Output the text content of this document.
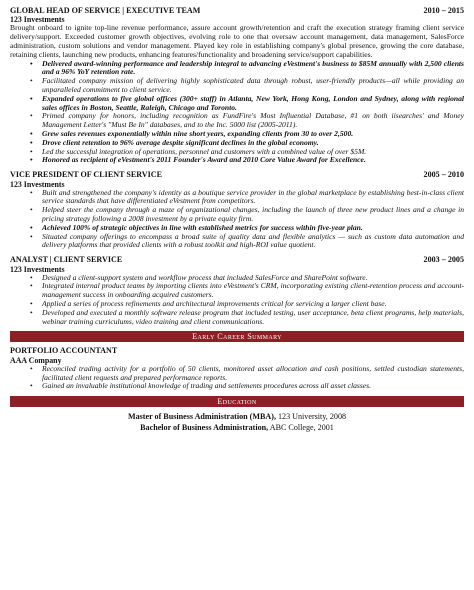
GLOBAL HEAD OF SERVICE | EXECUTIVE TEAM	2010 – 2015
123 Investments
Brought onboard to ignite top-line revenue performance, assure account growth/retention and craft the execution strategy framing client service delivery/support. Exceeded customer growth objectives, evolving role to one that oversaw account management, data management, SalesForce administration, custom solutions and vendor management. Played key role in establishing company's global presence, growing the core database, retaining clients, launching new products, enhancing features/functionality and broadening service/support capabilities.
• Delivered award-winning performance and leadership integral to advancing eVestment's business to $85M annually with 2,500 clients and a 96% YoY retention rate.
• Facilitated company mission of delivering highly sophisticated data through robust, user-friendly products—all while providing an unparalleled commitment to client service.
• Expanded operations to five global offices (300+ staff) in Atlanta, New York, Hong Kong, London and Sydney, along with regional sales offices in Boston, Seattle, Raleigh, Chicago and Toronto.
• Primed company for honors, including recognition as FundFire's Most Influential Database, #1 on both iisearches' and Money Management Letter's "Must Be In" databases, and to the Inc. 5000 list (2005-2011).
• Grew sales revenues exponentially within nine short years, expanding clients from 30 to over 2,500.
• Drove client retention to 96% average despite significant declines in the global economy.
• Led the successful integration of operations, personnel and customers with a combined value of over $5M.
• Honored as recipient of eVestment's 2011 Founder's Award and 2010 Core Value Award for Excellence.
VICE PRESIDENT OF CLIENT SERVICE	2005 – 2010
123 Investments
• Built and strengthened the company's identity as a boutique service provider in the global marketplace by establishing best-in-class client service standards that have differentiated eVestment from competitors.
• Helped steer the company through a maze of organizational changes, including the launch of three new product lines and a change in pricing strategy following a 2008 investment by a private equity firm.
• Achieved 100% of strategic objectives in line with established metrics for success within five-year plan.
• Situated company offerings to encompass a broad suite of quality data and flexible analytics — such as custom data automation and delivery platforms that provided clients with a robust toolkit and high-ROI value quotient.
ANALYST | CLIENT SERVICE	2003 – 2005
123 Investments
• Designed a client-support system and workflow process that included SalesForce and SharePoint software.
• Integrated internal product teams by importing clients into eVestment's CRM, incorporating existing client-retention process and account-management success in onboarding acquired customers.
• Applied a series of process refinements and architectural improvements critical for servicing a larger client base.
• Developed and executed a monthly software release program that included testing, user acceptance, beta client programs, help materials, webinar training curriculums, video training and client communications.
Early Career Summary
PORTFOLIO ACCOUNTANT
AAA Company
• Reconciled trading activity for a portfolio of 50 clients, monitored asset allocation and cash positions, settled custodian statements, facilitated client requests and prepared performance reports.
• Gained an invaluable institutional knowledge of trading and settlements procedures across all asset classes.
Education
Master of Business Administration (MBA), 123 University, 2008
Bachelor of Business Administration, ABC College, 2001
